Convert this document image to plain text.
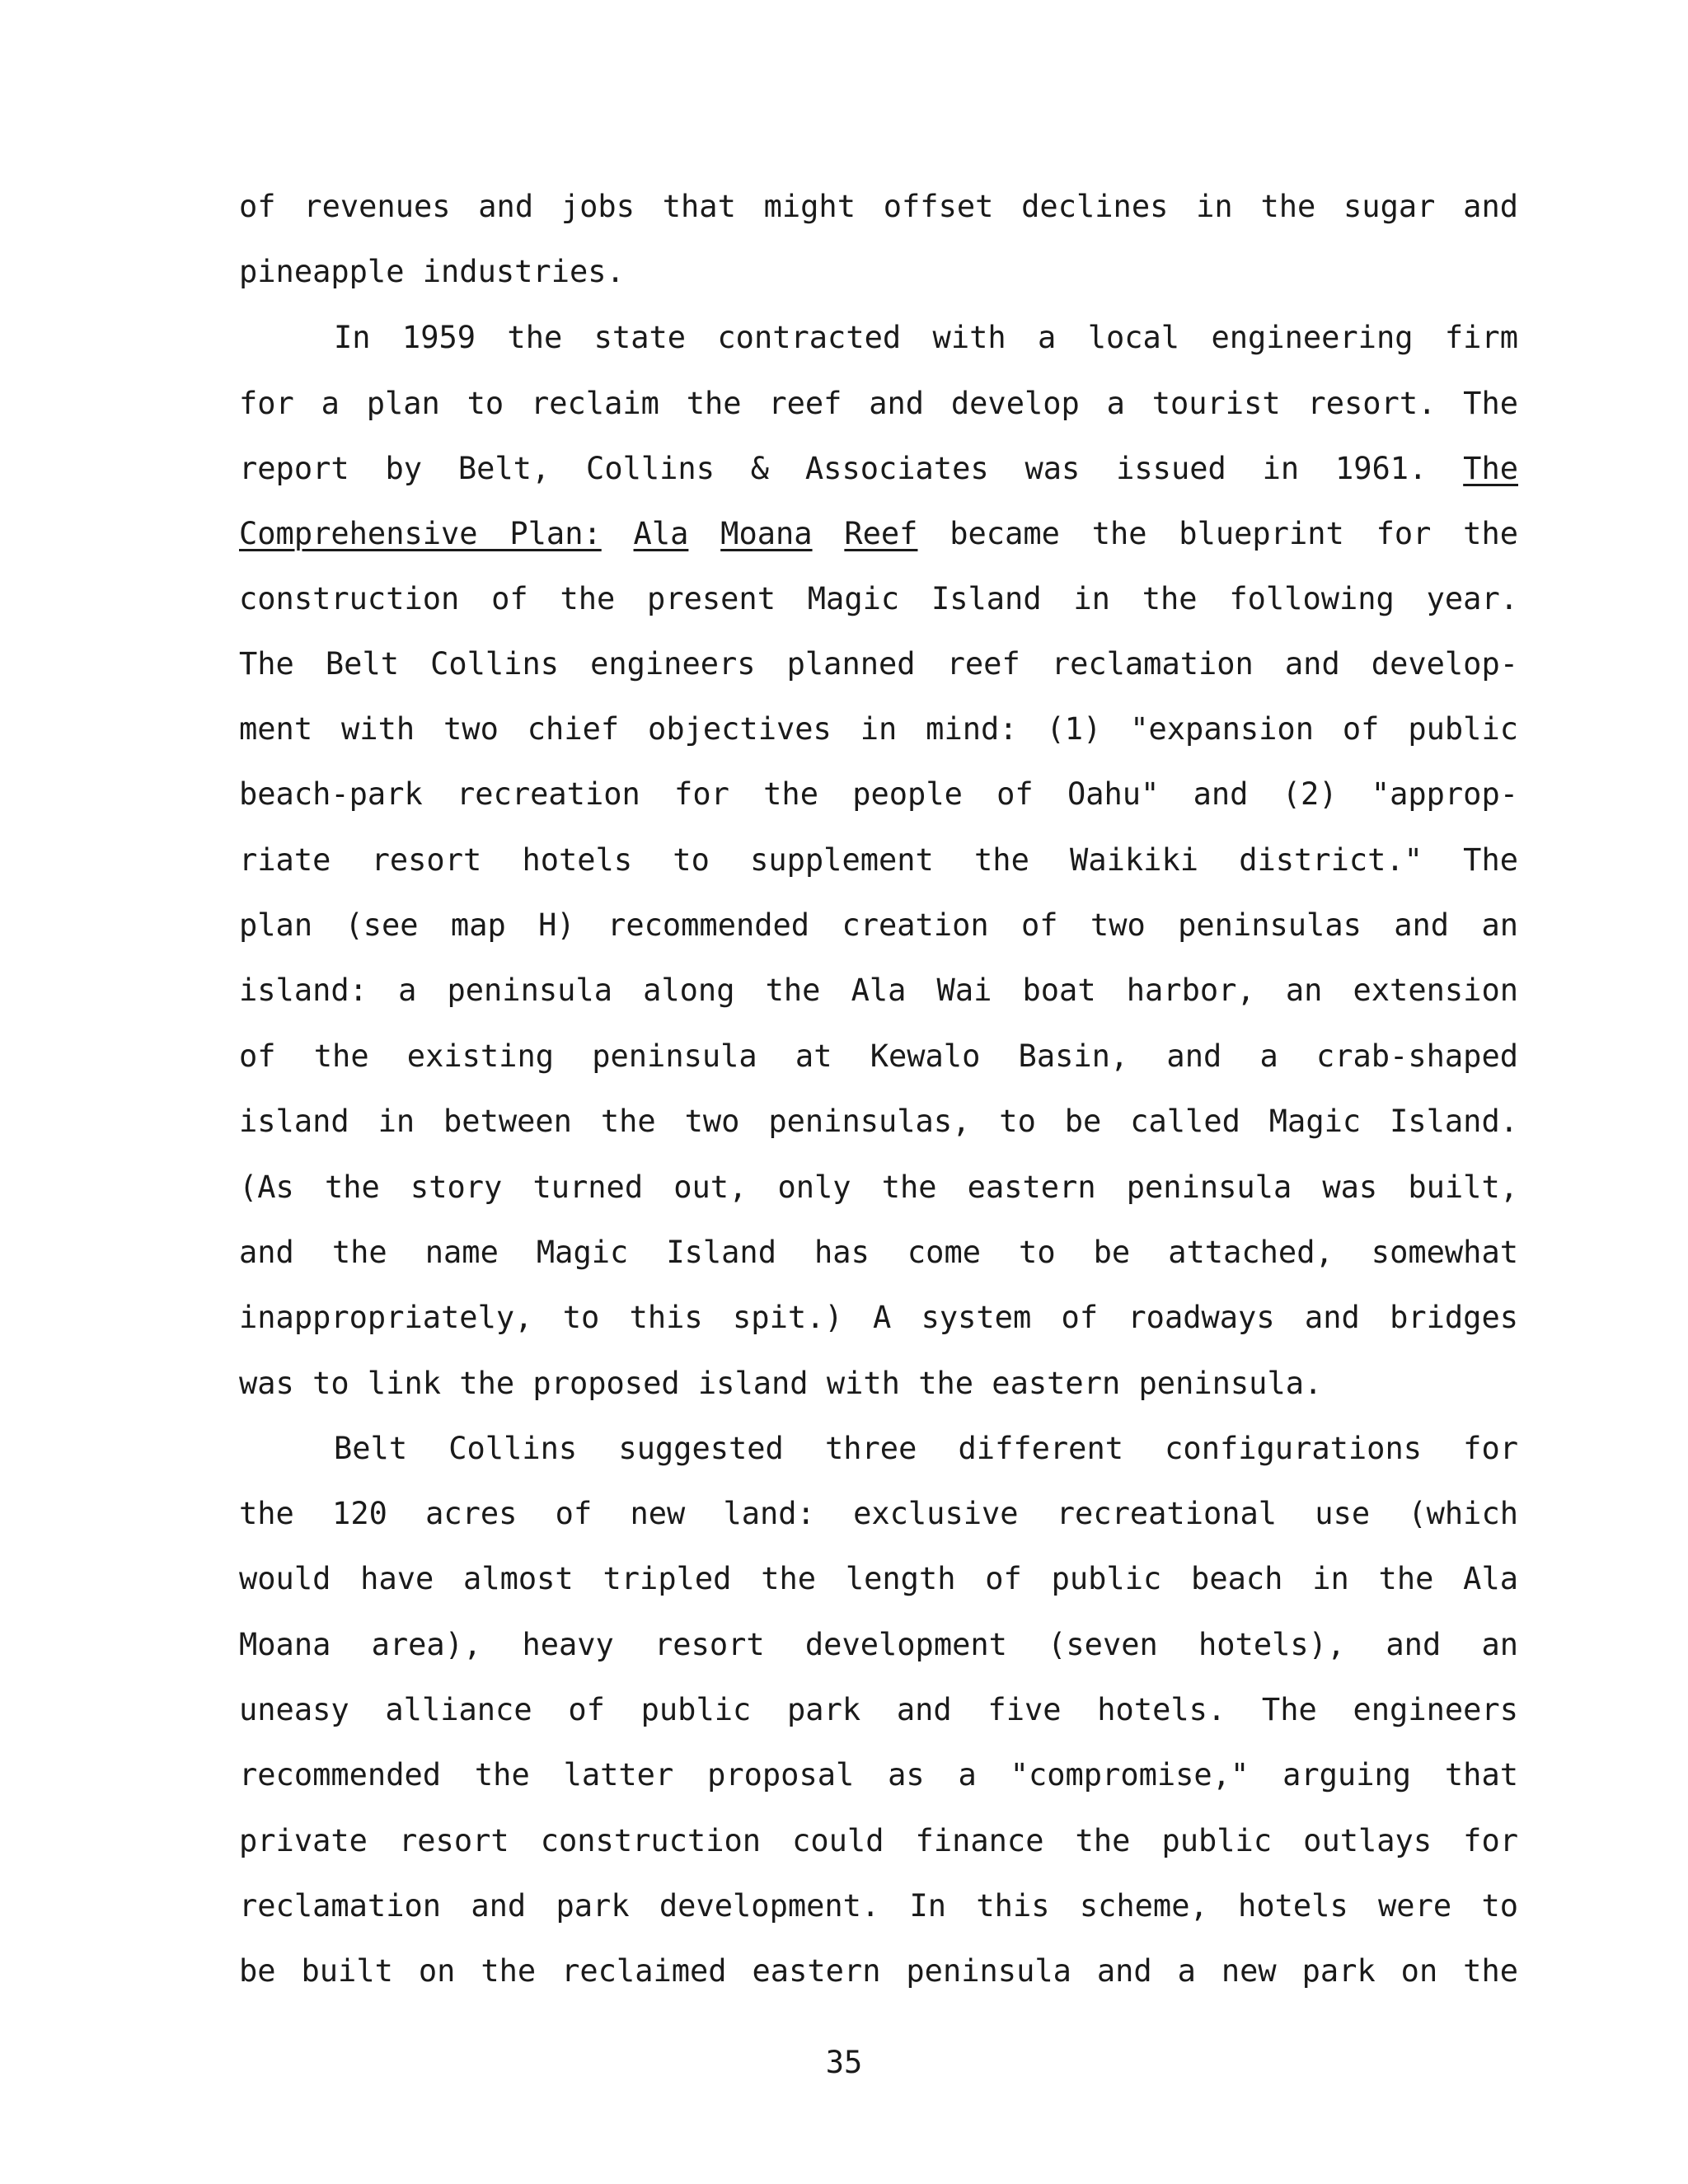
of revenues and jobs that might offset declines in the sugar and
pineapple industries.
In 1959 the state contracted with a local engineering firm
for a plan to reclaim the reef and develop a tourist resort. The
report by Belt, Collins & Associates was issued in 1961. The
Comprehensive Plan: Ala Moana Reef became the blueprint for the
construction of the present Magic Island in the following year.
The Belt Collins engineers planned reef reclamation and develop-
ment with two chief objectives in mind: (1) "expansion of public
beach-park recreation for the people of Oahu" and (2) "approp-
riate resort hotels to supplement the Waikiki district." The
plan (see map H) recommended creation of two peninsulas and an
island: a peninsula along the Ala Wai boat harbor, an extension
of the existing peninsula at Kewalo Basin, and a crab-shaped
island in between the two peninsulas, to be called Magic Island.
(As the story turned out, only the eastern peninsula was built,
and the name Magic Island has come to be attached, somewhat
inappropriately, to this spit.) A system of roadways and bridges
was to link the proposed island with the eastern peninsula.
Belt Collins suggested three different configurations for
the 120 acres of new land: exclusive recreational use (which
would have almost tripled the length of public beach in the Ala
Moana area), heavy resort development (seven hotels), and an
uneasy alliance of public park and five hotels. The engineers
recommended the latter proposal as a "compromise," arguing that
private resort construction could finance the public outlays for
reclamation and park development. In this scheme, hotels were to
be built on the reclaimed eastern peninsula and a new park on the
35
